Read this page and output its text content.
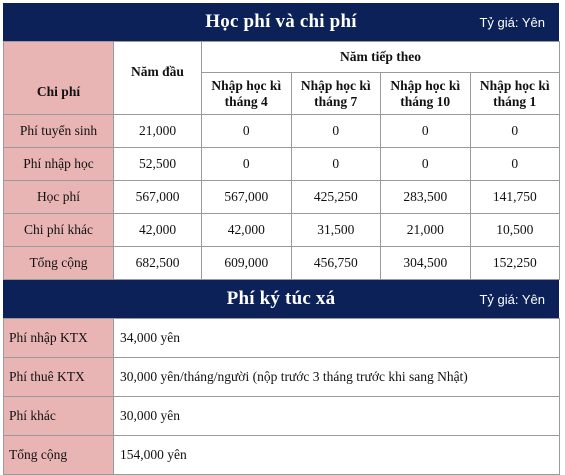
Học phí và chi phí	Tỷ giá: Yên
Chi phí	Năm đầu	Năm tiếp theo			
		Nhập học kì tháng 4	Nhập học kì tháng 7	Nhập học kì tháng 10	Nhập học kì tháng 1
Phí tuyển sinh	21,000	0	0	0	0
Phí nhập học	52,500	0	0	0	0
Học phí	567,000	567,000	425,250	283,500	141,750
Chi phí khác	42,000	42,000	31,500	21,000	10,500
Tổng cộng	682,500	609,000	456,750	304,500	152,250
Phí ký túc xá	Tỷ giá: Yên
Phí nhập KTX	34,000 yên
Phí thuê KTX	30,000 yên/tháng/người (nộp trước 3 tháng trước khi sang Nhật)
Phí khác	30,000 yên
Tổng cộng	154,000 yên
